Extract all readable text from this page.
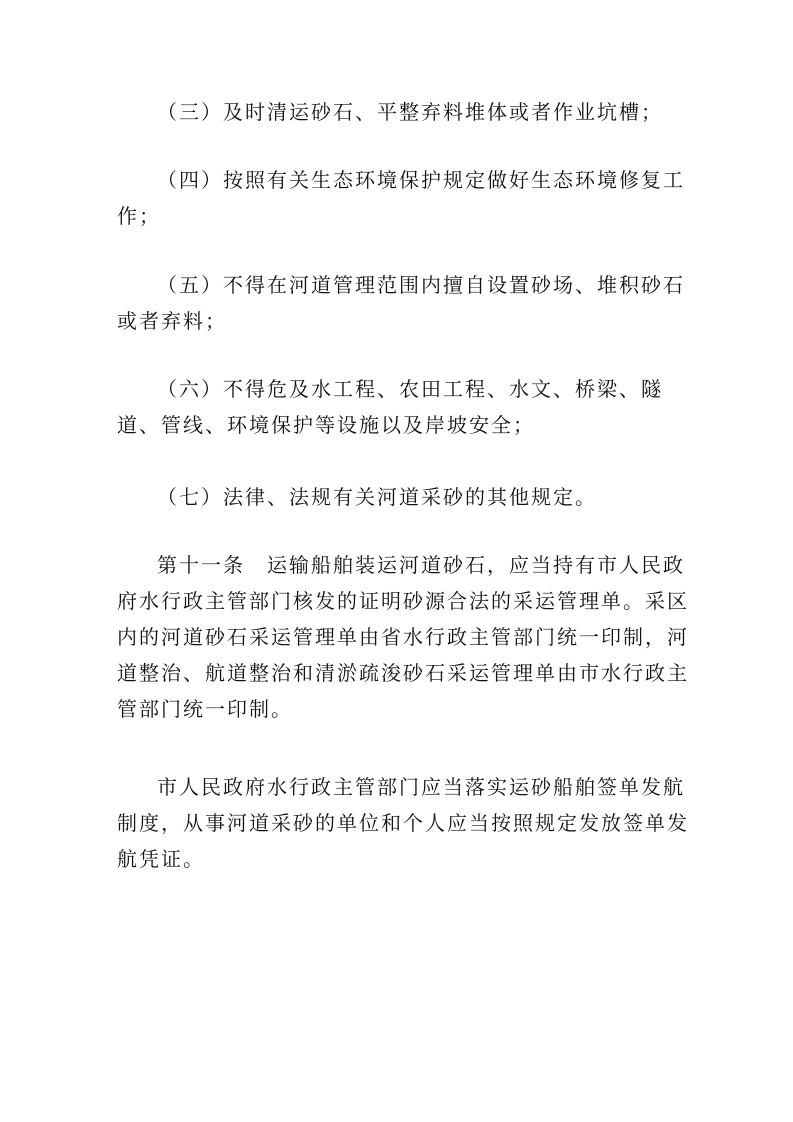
（三）及时清运砂石、平整弃料堆体或者作业坑槽；

（四）按照有关生态环境保护规定做好生态环境修复工作；

（五）不得在河道管理范围内擅自设置砂场、堆积砂石或者弃料；

（六）不得危及水工程、农田工程、水文、桥梁、隧道、管线、环境保护等设施以及岸坡安全；

（七）法律、法规有关河道采砂的其他规定。

第十一条　运输船舶装运河道砂石，应当持有市人民政府水行政主管部门核发的证明砂源合法的采运管理单。采区内的河道砂石采运管理单由省水行政主管部门统一印制，河道整治、航道整治和清淤疏浚砂石采运管理单由市水行政主管部门统一印制。

市人民政府水行政主管部门应当落实运砂船舶签单发航制度，从事河道采砂的单位和个人应当按照规定发放签单发航凭证。
